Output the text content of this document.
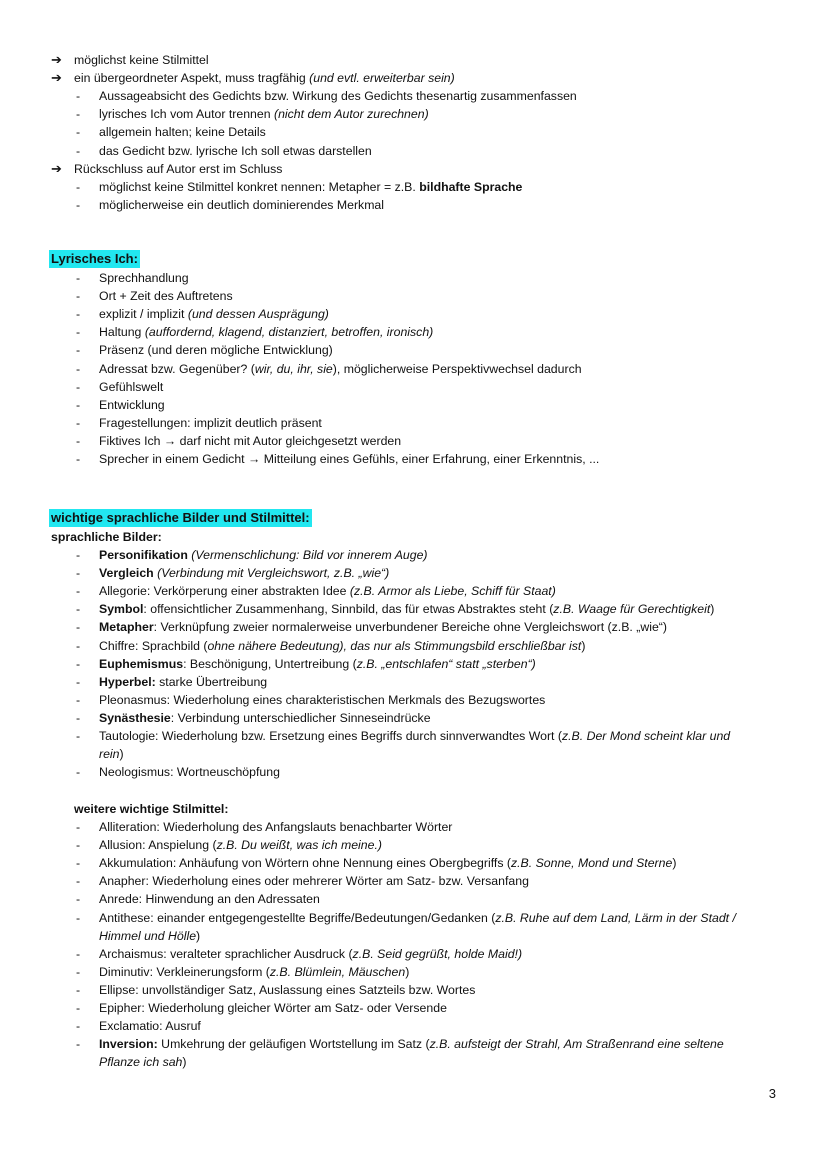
➔ möglichst keine Stilmittel
➔ ein übergeordneter Aspekt, muss tragfähig (und evtl. erweiterbar sein)
- Aussageabsicht des Gedichts bzw. Wirkung des Gedichts thesenartig zusammenfassen
- lyrisches Ich vom Autor trennen (nicht dem Autor zurechnen)
- allgemein halten; keine Details
- das Gedicht bzw. lyrische Ich soll etwas darstellen
➔ Rückschluss auf Autor erst im Schluss
- möglichst keine Stilmittel konkret nennen: Metapher = z.B. bildhafte Sprache
- möglicherweise ein deutlich dominierendes Merkmal
Lyrisches Ich:
- Sprechhandlung
- Ort + Zeit des Auftretens
- explizit / implizit (und dessen Ausprägung)
- Haltung (auffordernd, klagend, distanziert, betroffen, ironisch)
- Präsenz (und deren mögliche Entwicklung)
- Adressat bzw. Gegenüber? (wir, du, ihr, sie), möglicherweise Perspektivwechsel dadurch
- Gefühlswelt
- Entwicklung
- Fragestellungen: implizit deutlich präsent
- Fiktives Ich → darf nicht mit Autor gleichgesetzt werden
- Sprecher in einem Gedicht → Mitteilung eines Gefühls, einer Erfahrung, einer Erkenntnis, ...
wichtige sprachliche Bilder und Stilmittel:
sprachliche Bilder:
- Personifikation (Vermenschlichung: Bild vor innerem Auge)
- Vergleich (Verbindung mit Vergleichswort, z.B. „wie“)
- Allegorie: Verkörperung einer abstrakten Idee (z.B. Armor als Liebe, Schiff für Staat)
- Symbol: offensichtlicher Zusammenhang, Sinnbild, das für etwas Abstraktes steht (z.B. Waage für Gerechtigkeit)
- Metapher: Verknüpfung zweier normalerweise unverbundener Bereiche ohne Vergleichswort (z.B. „wie“)
- Chiffre: Sprachbild (ohne nähere Bedeutung), das nur als Stimmungsbild erschließbar ist)
- Euphemismus: Beschönigung, Untertreibung (z.B. „entschlafen“ statt „sterben“)
- Hyperbel: starke Übertreibung
- Pleonasmus: Wiederholung eines charakteristischen Merkmals des Bezugswortes
- Synästhesie: Verbindung unterschiedlicher Sinneseindrücke
- Tautologie: Wiederholung bzw. Ersetzung eines Begriffs durch sinnverwandtes Wort (z.B. Der Mond scheint klar und
rein)
- Neologismus: Wortneuschöpfung
weitere wichtige Stilmittel:
- Alliteration: Wiederholung des Anfangslauts benachbarter Wörter
- Allusion: Anspielung (z.B. Du weißt, was ich meine.)
- Akkumulation: Anhäufung von Wörtern ohne Nennung eines Obergbegriffs (z.B. Sonne, Mond und Sterne)
- Anapher: Wiederholung eines oder mehrerer Wörter am Satz- bzw. Versanfang
- Anrede: Hinwendung an den Adressaten
- Antithese: einander entgegengestellte Begriffe/Bedeutungen/Gedanken (z.B. Ruhe auf dem Land, Lärm in der Stadt /
Himmel und Hölle)
- Archaismus: veralteter sprachlicher Ausdruck (z.B. Seid gegrüßt, holde Maid!)
- Diminutiv: Verkleinerungsform (z.B. Blümlein, Mäuschen)
- Ellipse: unvollständiger Satz, Auslassung eines Satzteils bzw. Wortes
- Epipher: Wiederholung gleicher Wörter am Satz- oder Versende
- Exclamatio: Ausruf
- Inversion: Umkehrung der geläufigen Wortstellung im Satz (z.B. aufsteigt der Strahl, Am Straßenrand eine seltene
Pflanze ich sah)
3
